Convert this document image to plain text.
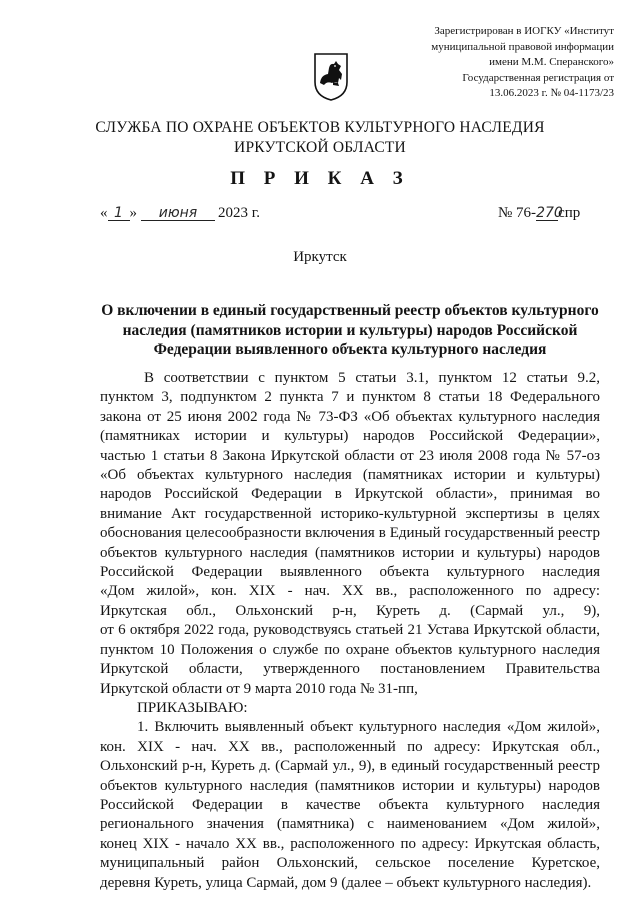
Зарегистрирован в ИОГКУ «Институт
муниципальной правовой информации
имени М.М. Сперанского»
Государственная регистрация от
13.06.2023 г. № 04-1173/23
СЛУЖБА ПО ОХРАНЕ ОБЪЕКТОВ КУЛЬТУРНОГО НАСЛЕДИЯ
ИРКУТСКОЙ ОБЛАСТИ
П Р И К А З
« 1 » июня 2023 г.	№ 76-270спр
Иркутск
О включении в единый государственный реестр объектов культурного
наследия (памятников истории и культуры) народов Российской
Федерации выявленного объекта культурного наследия
В соответствии с пунктом 5 статьи 3.1, пунктом 12 статьи 9.2,
пунктом 3, подпунктом 2 пункта 7 и пунктом 8 статьи 18 Федерального
закона от 25 июня 2002 года № 73-ФЗ «Об объектах культурного наследия
(памятниках истории и культуры) народов Российской Федерации»,
частью 1 статьи 8 Закона Иркутской области от 23 июля 2008 года № 57-оз
«Об объектах культурного наследия (памятниках истории и культуры)
народов Российской Федерации в Иркутской области», принимая во
внимание Акт государственной историко-культурной экспертизы в целях
обоснования целесообразности включения в Единый государственный реестр
объектов культурного наследия (памятников истории и культуры) народов
Российской Федерации выявленного объекта культурного наследия
«Дом жилой», кон. XIX - нач. XX вв., расположенного по адресу:
Иркутская обл., Ольхонский р-н, Куреть д. (Сармай ул., 9),
от 6 октября 2022 года, руководствуясь статьей 21 Устава Иркутской области,
пунктом 10 Положения о службе по охране объектов культурного наследия
Иркутской области, утвержденного постановлением Правительства
Иркутской области от 9 марта 2010 года № 31-пп,
ПРИКАЗЫВАЮ:
1. Включить выявленный объект культурного наследия «Дом жилой»,
кон. XIX - нач. XX вв., расположенный по адресу: Иркутская обл.,
Ольхонский р-н, Куреть д. (Сармай ул., 9), в единый государственный реестр
объектов культурного наследия (памятников истории и культуры) народов
Российской Федерации в качестве объекта культурного наследия
регионального значения (памятника) с наименованием «Дом жилой»,
конец XIX - начало XX вв., расположенного по адресу: Иркутская область,
муниципальный район Ольхонский, сельское поселение Куретское,
деревня Куреть, улица Сармай, дом 9 (далее – объект культурного наследия).
